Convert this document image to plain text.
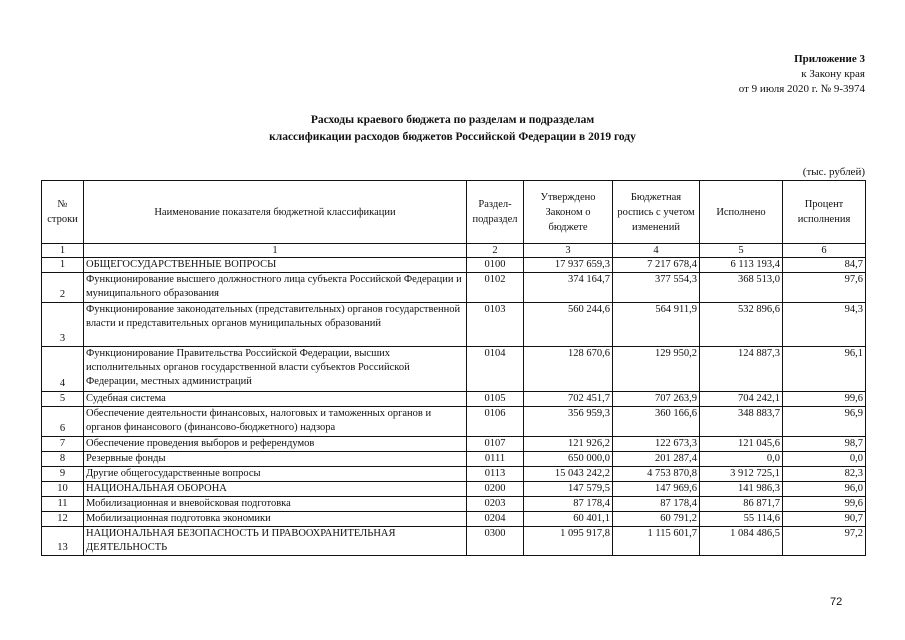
Приложение 3
к Закону края
от 9 июля 2020 г. № 9-3974
Расходы краевого бюджета по разделам и подразделам
классификации расходов бюджетов Российской Федерации в 2019 году
(тыс. рублей)
№ строки	Наименование показателя бюджетной классификации	Раздел-подраздел	Утверждено Законом о бюджете	Бюджетная роспись с учетом изменений	Исполнено	Процент исполнения
1	1	2	3	4	5	6
1	ОБЩЕГОСУДАРСТВЕННЫЕ ВОПРОСЫ	0100	17 937 659,3	7 217 678,4	6 113 193,4	84,7
2	Функционирование высшего должностного лица субъекта Российской Федерации и муниципального образования	0102	374 164,7	377 554,3	368 513,0	97,6
3	Функционирование законодательных (представительных) органов государственной власти и представительных органов муниципальных образований	0103	560 244,6	564 911,9	532 896,6	94,3
4	Функционирование Правительства Российской Федерации, высших исполнительных органов государственной власти субъектов Российской Федерации, местных администраций	0104	128 670,6	129 950,2	124 887,3	96,1
5	Судебная система	0105	702 451,7	707 263,9	704 242,1	99,6
6	Обеспечение деятельности финансовых, налоговых и таможенных органов и органов финансового (финансово-бюджетного) надзора	0106	356 959,3	360 166,6	348 883,7	96,9
7	Обеспечение проведения выборов и референдумов	0107	121 926,2	122 673,3	121 045,6	98,7
8	Резервные фонды	0111	650 000,0	201 287,4	0,0	0,0
9	Другие общегосударственные вопросы	0113	15 043 242,2	4 753 870,8	3 912 725,1	82,3
10	НАЦИОНАЛЬНАЯ ОБОРОНА	0200	147 579,5	147 969,6	141 986,3	96,0
11	Мобилизационная и вневойсковая подготовка	0203	87 178,4	87 178,4	86 871,7	99,6
12	Мобилизационная подготовка экономики	0204	60 401,1	60 791,2	55 114,6	90,7
13	НАЦИОНАЛЬНАЯ БЕЗОПАСНОСТЬ И ПРАВООХРАНИТЕЛЬНАЯ ДЕЯТЕЛЬНОСТЬ	0300	1 095 917,8	1 115 601,7	1 084 486,5	97,2
72
